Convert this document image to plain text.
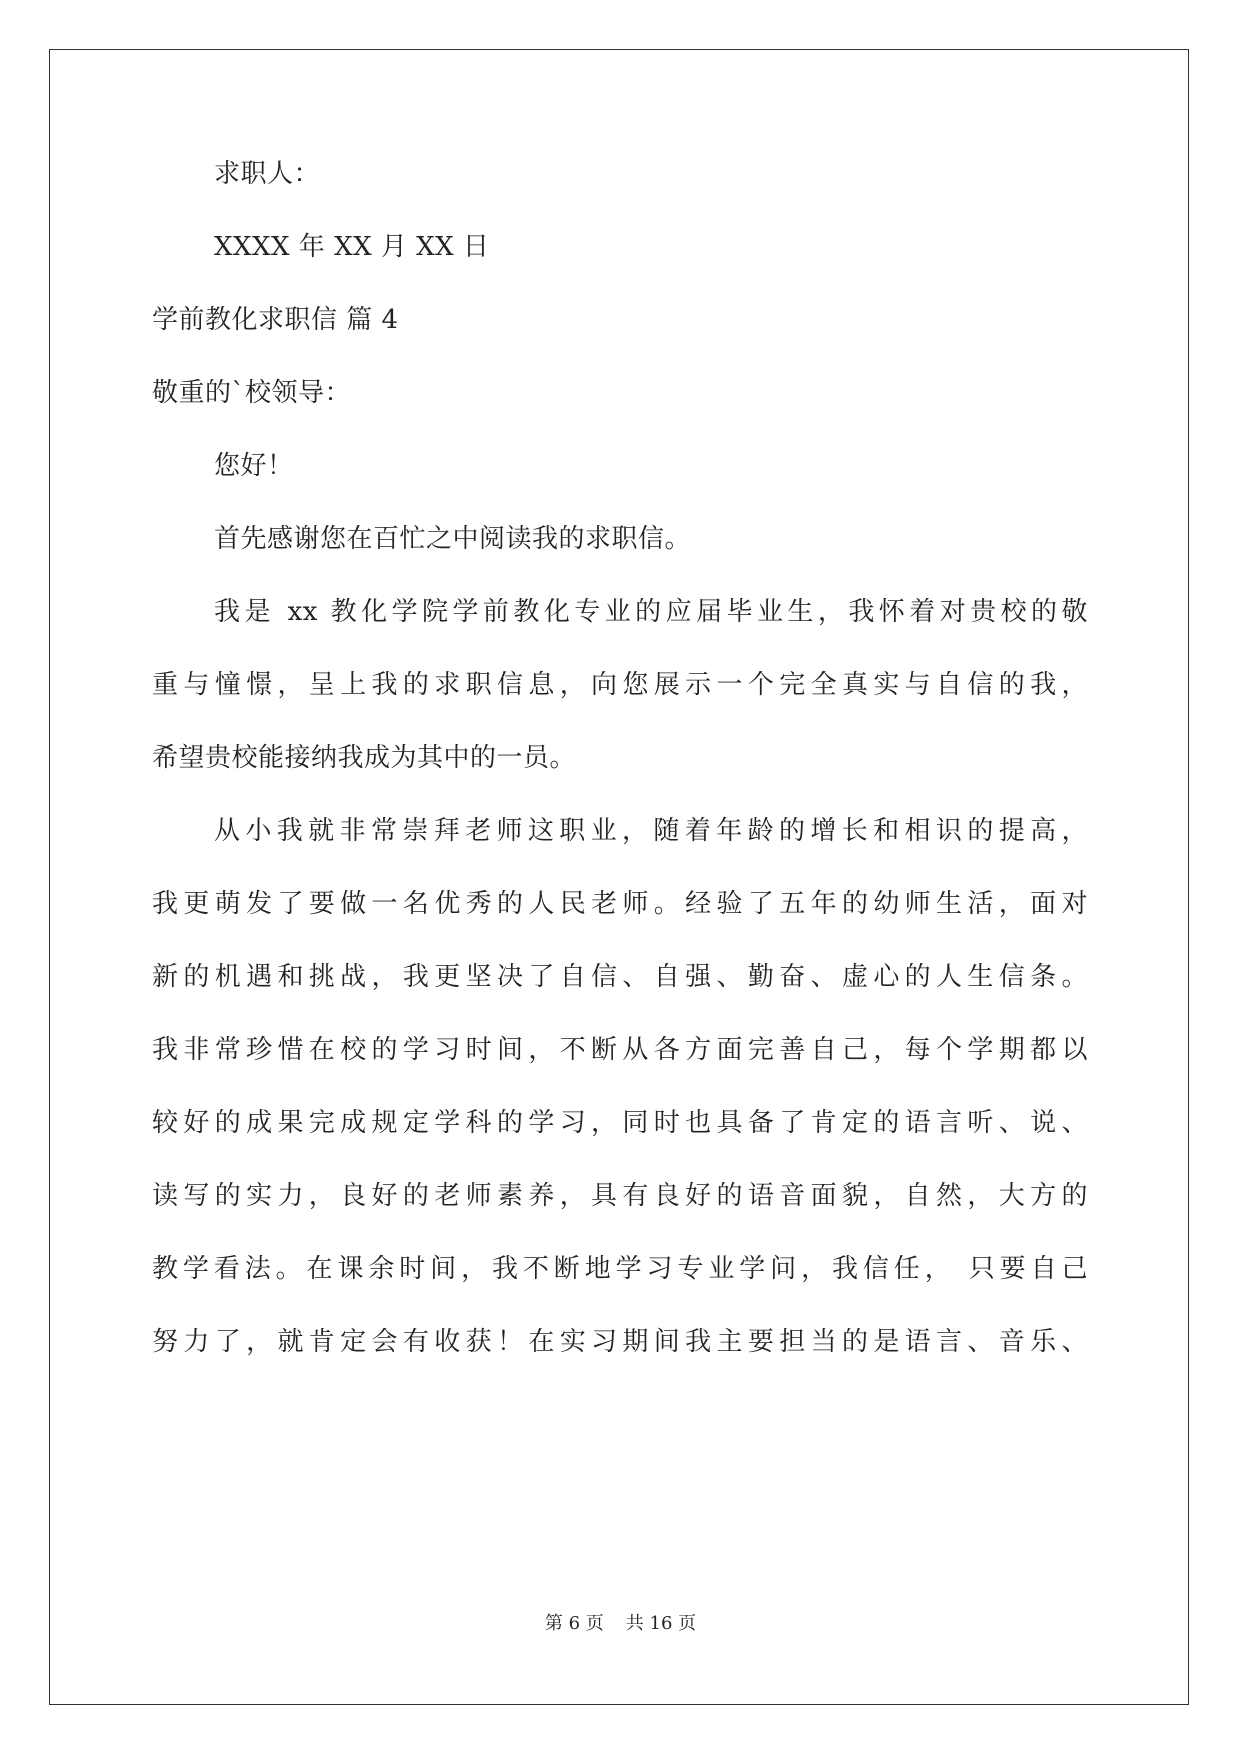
求职人：
XXXX 年 XX 月 XX 日
学前教化求职信 篇 4
敬重的`校领导：
您好！
首先感谢您在百忙之中阅读我的求职信。
我是 xx 教化学院学前教化专业的应届毕业生，我怀着对贵校的敬
重与憧憬，呈上我的求职信息，向您展示一个完全真实与自信的我，
希望贵校能接纳我成为其中的一员。
从小我就非常崇拜老师这职业，随着年龄的增长和相识的提高，
我更萌发了要做一名优秀的人民老师。经验了五年的幼师生活，面对
新的机遇和挑战，我更坚决了自信、自强、勤奋、虚心的人生信条。
我非常珍惜在校的学习时间，不断从各方面完善自己，每个学期都以
较好的成果完成规定学科的学习，同时也具备了肯定的语言听、说、
读写的实力，良好的老师素养，具有良好的语音面貌，自然，大方的
教学看法。在课余时间，我不断地学习专业学问，我信任， 只要自己
努力了，就肯定会有收获！在实习期间我主要担当的是语言、音乐、
第 6 页 共 16 页
